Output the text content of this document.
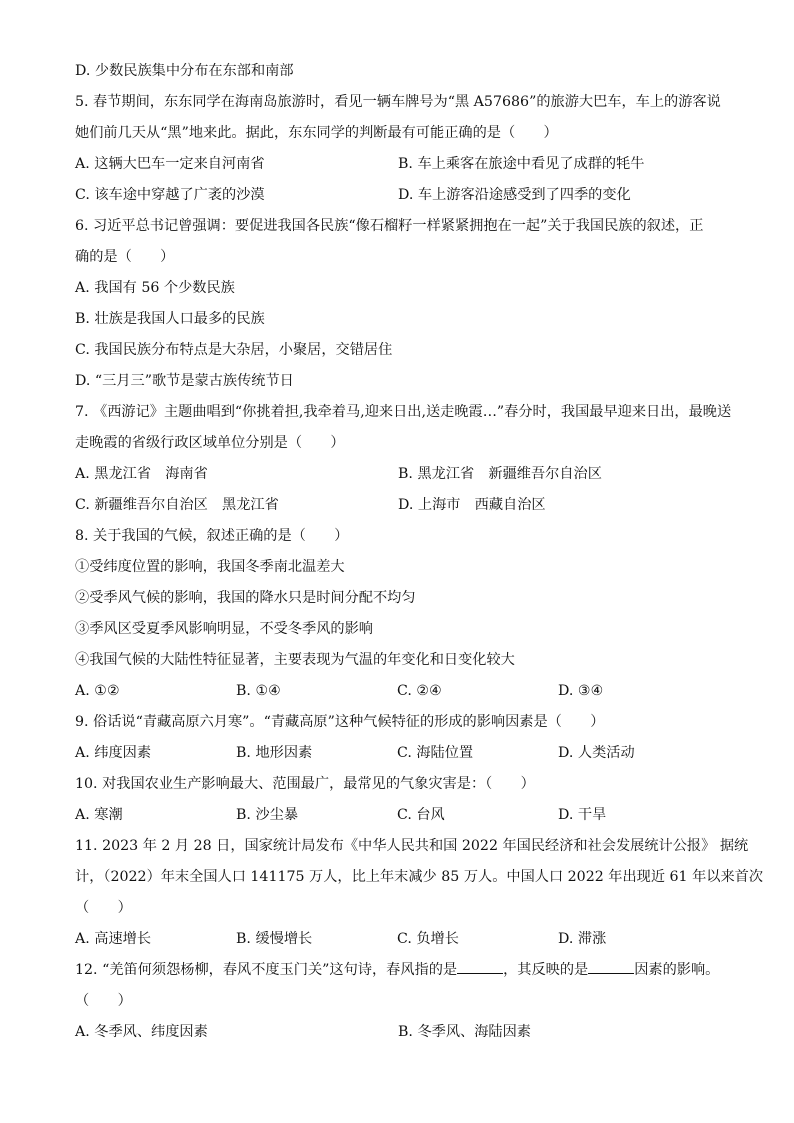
D. 少数民族集中分布在东部和南部
5. 春节期间，东东同学在海南岛旅游时，看见一辆车牌号为“黑 A57686”的旅游大巴车，车上的游客说
她们前几天从“黑”地来此。据此，东东同学的判断最有可能正确的是（　　）
A. 这辆大巴车一定来自河南省	B. 车上乘客在旅途中看见了成群的牦牛
C. 该车途中穿越了广袤的沙漠	D. 车上游客沿途感受到了四季的变化
6. 习近平总书记曾强调：要促进我国各民族“像石榴籽一样紧紧拥抱在一起”关于我国民族的叙述，正
确的是（　　）
A. 我国有 56 个少数民族
B. 壮族是我国人口最多的民族
C. 我国民族分布特点是大杂居，小聚居，交错居住
D. “三月三”歌节是蒙古族传统节日
7. 《西游记》主题曲唱到“你挑着担,我牵着马,迎来日出,送走晚霞…”春分时，我国最早迎来日出，最晚送
走晚霞的省级行政区域单位分别是（　　）
A. 黑龙江省　海南省	B. 黑龙江省　新疆维吾尔自治区
C. 新疆维吾尔自治区　黑龙江省	D. 上海市　西藏自治区
8. 关于我国的气候，叙述正确的是（　　）
①受纬度位置的影响，我国冬季南北温差大
②受季风气候的影响，我国的降水只是时间分配不均匀
③季风区受夏季风影响明显，不受冬季风的影响
④我国气候的大陆性特征显著，主要表现为气温的年变化和日变化较大
A. ①②	B. ①④	C. ②④	D. ③④
9. 俗话说“青藏高原六月寒”。“青藏高原”这种气候特征的形成的影响因素是（　　）
A. 纬度因素	B. 地形因素	C. 海陆位置	D. 人类活动
10. 对我国农业生产影响最大、范围最广，最常见的气象灾害是：（　　）
A. 寒潮	B. 沙尘暴	C. 台风	D. 干旱
11. 2023 年 2 月 28 日，国家统计局发布《中华人民共和国 2022 年国民经济和社会发展统计公报》 据统
计，（2022）年末全国人口 141175 万人，比上年末减少 85 万人。中国人口 2022 年出现近 61 年以来首次
（　　）
A. 高速增长	B. 缓慢增长	C. 负增长	D. 滞涨
12. “羌笛何须怨杨柳，春风不度玉门关”这句诗，春风指的是	，其反映的是	因素的影响。
（　　）
A. 冬季风、纬度因素	B. 冬季风、海陆因素
